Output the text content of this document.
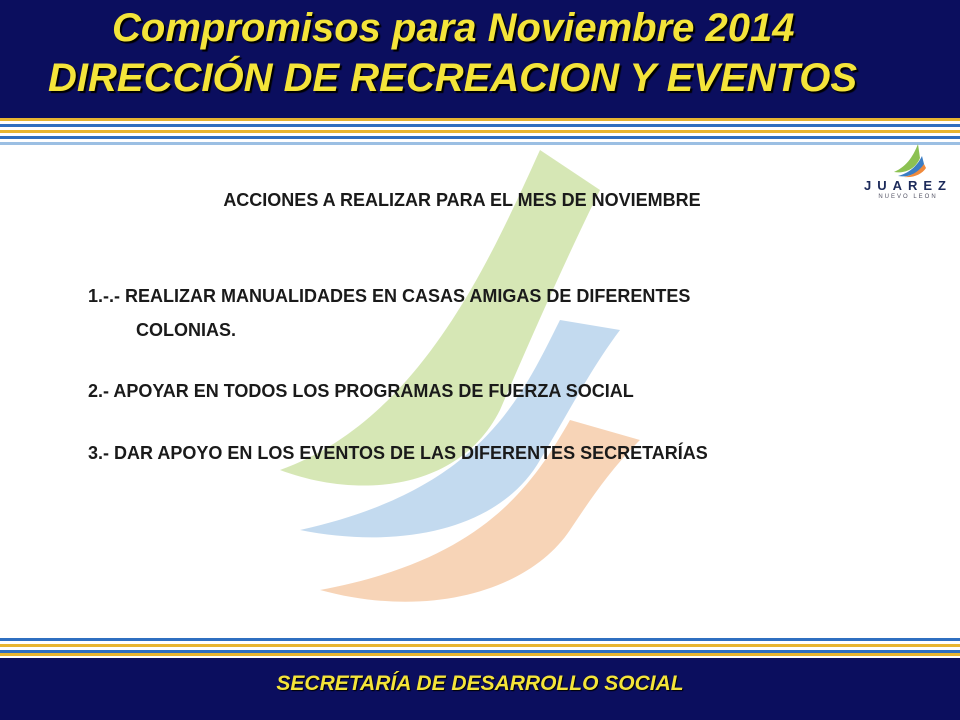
Compromisos para Noviembre 2014
DIRECCIÓN DE RECREACION Y EVENTOS
JUAREZ
NUEVO LEON
ACCIONES A REALIZAR PARA EL MES DE NOVIEMBRE
1.-.- REALIZAR MANUALIDADES EN CASAS AMIGAS DE DIFERENTES
COLONIAS.
2.- APOYAR EN TODOS LOS PROGRAMAS DE FUERZA SOCIAL
3.- DAR APOYO EN LOS EVENTOS DE LAS DIFERENTES SECRETARÍAS
SECRETARÍA DE DESARROLLO SOCIAL
